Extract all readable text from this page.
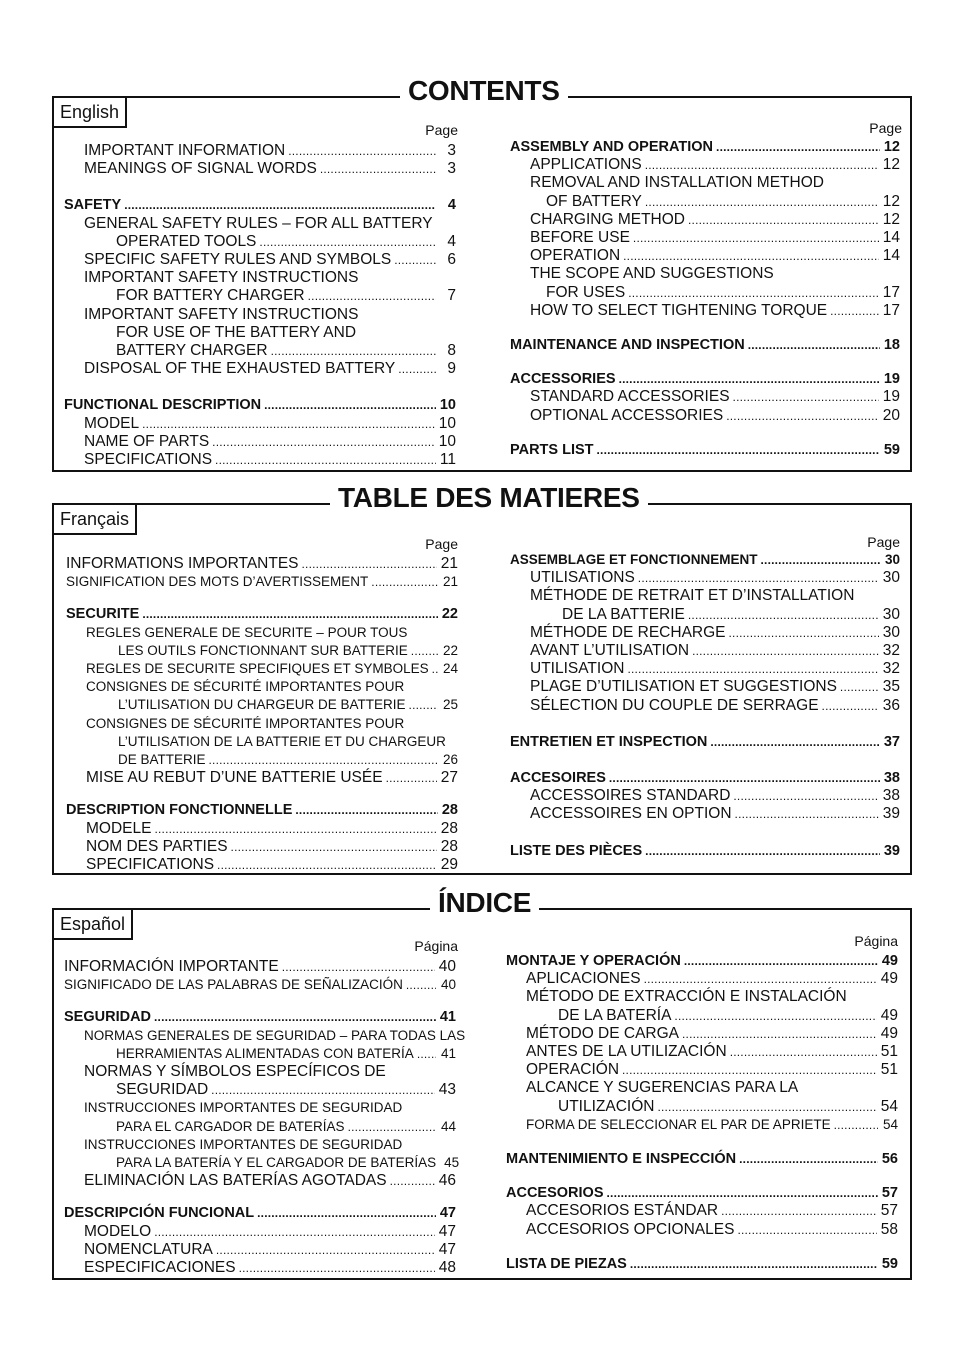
CONTENTS
English
Page
IMPORTANT INFORMATION .....	3
MEANINGS OF SIGNAL WORDS .....	3
SAFETY .....	4
GENERAL SAFETY RULES – FOR ALL BATTERY
OPERATED TOOLS .....	4
SPECIFIC SAFETY RULES AND SYMBOLS .....	6
IMPORTANT SAFETY INSTRUCTIONS
FOR BATTERY CHARGER .....	7
IMPORTANT SAFETY INSTRUCTIONS
FOR USE OF THE BATTERY AND
BATTERY CHARGER .....	8
DISPOSAL OF THE EXHAUSTED BATTERY .....	9
FUNCTIONAL DESCRIPTION .....	10
MODEL .....	10
NAME OF PARTS .....	10
SPECIFICATIONS .....	11
Page
ASSEMBLY AND OPERATION .....	12
APPLICATIONS .....	12
REMOVAL AND INSTALLATION METHOD
OF BATTERY .....	12
CHARGING METHOD .....	12
BEFORE USE .....	14
OPERATION .....	14
THE SCOPE AND SUGGESTIONS
FOR USES .....	17
HOW TO SELECT TIGHTENING TORQUE .....	17
MAINTENANCE AND INSPECTION .....	18
ACCESSORIES .....	19
STANDARD ACCESSORIES .....	19
OPTIONAL ACCESSORIES .....	20
PARTS LIST .....	59
TABLE DES MATIERES
Français
Page
INFORMATIONS IMPORTANTES .....	21
SIGNIFICATION DES MOTS D’AVERTISSEMENT .....	21
SECURITE .....	22
REGLES GENERALE DE SECURITE – POUR TOUS
LES OUTILS FONCTIONNANT SUR BATTERIE .....	22
REGLES DE SECURITE SPECIFIQUES ET SYMBOLES ..... 24
CONSIGNES DE SÉCURITÉ IMPORTANTES POUR
L’UTILISATION DU CHARGEUR DE BATTERIE .....	25
CONSIGNES DE SÉCURITÉ IMPORTANTES POUR
L’UTILISATION DE LA BATTERIE ET DU CHARGEUR
DE BATTERIE .....	26
MISE AU REBUT D’UNE BATTERIE USÉE .....	27
DESCRIPTION FONCTIONNELLE .....	28
MODELE .....	28
NOM DES PARTIES .....	28
SPECIFICATIONS .....	29
Page
ASSEMBLAGE ET FONCTIONNEMENT .....	30
UTILISATIONS .....	30
MÉTHODE DE RETRAIT ET D’INSTALLATION
DE LA BATTERIE .....	30
MÉTHODE DE RECHARGE .....	30
AVANT L’UTILISATION .....	32
UTILISATION .....	32
PLAGE D’UTILISATION ET SUGGESTIONS .....	35
SÉLECTION DU COUPLE DE SERRAGE .....	36
ENTRETIEN ET INSPECTION .....	37
ACCESOIRES .....	38
ACCESSOIRES STANDARD .....	38
ACCESSOIRES EN OPTION .....	39
LISTE DES PIÈCES .....	39
ÍNDICE
Español
Página
INFORMACIÓN IMPORTANTE .....	40
SIGNIFICADO DE LAS PALABRAS DE SEÑALIZACIÓN .....	40
SEGURIDAD .....	41
NORMAS GENERALES DE SEGURIDAD – PARA TODAS LAS
HERRAMIENTAS ALIMENTADAS CON BATERÍA ..... 41
NORMAS Y SÍMBOLOS ESPECÍFICOS DE
SEGURIDAD .....	43
INSTRUCCIONES IMPORTANTES DE SEGURIDAD
PARA EL CARGADOR DE BATERÍAS .....	44
INSTRUCCIONES IMPORTANTES DE SEGURIDAD
PARA LA BATERÍA Y EL CARGADOR DE BATERÍAS 45
ELIMINACIÓN LAS BATERÍAS AGOTADAS .....	46
DESCRIPCIÓN FUNCIONAL .....	47
MODELO .....	47
NOMENCLATURA .....	47
ESPECIFICACIONES .....	48
Página
MONTAJE Y OPERACIÓN .....	49
APLICACIONES .....	49
MÉTODO DE EXTRACCIÓN E INSTALACIÓN
DE LA BATERÍA .....	49
MÉTODO DE CARGA .....	49
ANTES DE LA UTILIZACIÓN .....	51
OPERACIÓN .....	51
ALCANCE Y SUGERENCIAS PARA LA
UTILIZACIÓN .....	54
FORMA DE SELECCIONAR EL PAR DE APRIETE .....	54
MANTENIMIENTO E INSPECCIÓN .....	56
ACCESORIOS .....	57
ACCESORIOS ESTÁNDAR .....	57
ACCESORIOS OPCIONALES .....	58
LISTA DE PIEZAS .....	59
